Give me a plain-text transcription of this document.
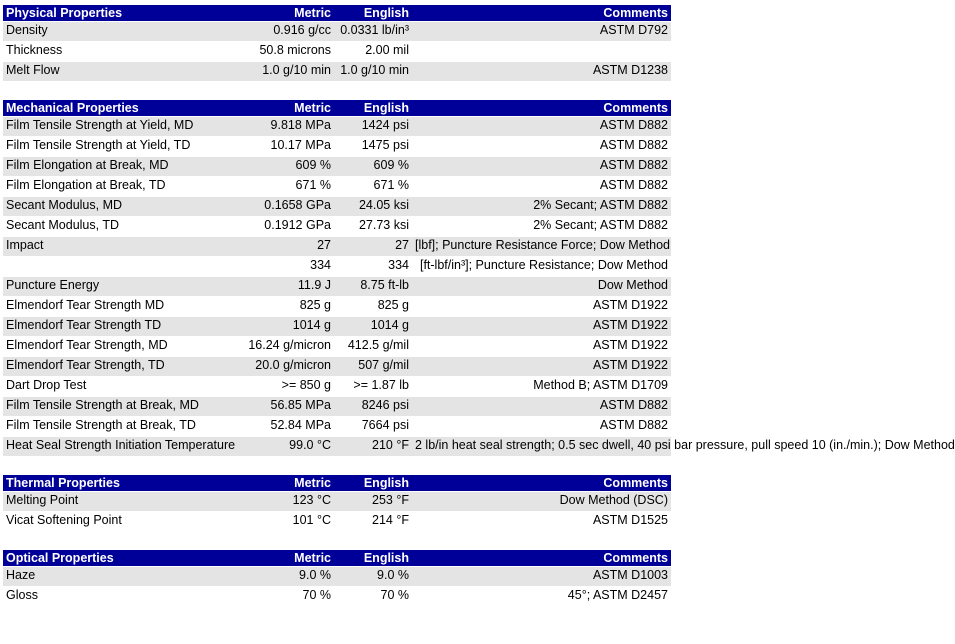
Physical Properties	Metric	English	Comments
Density	0.916 g/cc	0.0331 lb/in³	ASTM D792
Thickness	50.8 microns	2.00 mil	
Melt Flow	1.0 g/10 min	1.0 g/10 min	ASTM D1238
Mechanical Properties	Metric	English	Comments
Film Tensile Strength at Yield, MD	9.818 MPa	1424 psi	ASTM D882
Film Tensile Strength at Yield, TD	10.17 MPa	1475 psi	ASTM D882
Film Elongation at Break, MD	609 %	609 %	ASTM D882
Film Elongation at Break, TD	671 %	671 %	ASTM D882
Secant Modulus, MD	0.1658 GPa	24.05 ksi	2% Secant; ASTM D882
Secant Modulus, TD	0.1912 GPa	27.73 ksi	2% Secant; ASTM D882
Impact	27	27	[lbf]; Puncture Resistance Force; Dow Method
	334	334	[ft-lbf/in³]; Puncture Resistance; Dow Method
Puncture Energy	11.9 J	8.75 ft-lb	Dow Method
Elmendorf Tear Strength MD	825 g	825 g	ASTM D1922
Elmendorf Tear Strength TD	1014 g	1014 g	ASTM D1922
Elmendorf Tear Strength, MD	16.24 g/micron	412.5 g/mil	ASTM D1922
Elmendorf Tear Strength, TD	20.0 g/micron	507 g/mil	ASTM D1922
Dart Drop Test	>= 850 g	>= 1.87 lb	Method B; ASTM D1709
Film Tensile Strength at Break, MD	56.85 MPa	8246 psi	ASTM D882
Film Tensile Strength at Break, TD	52.84 MPa	7664 psi	ASTM D882
Heat Seal Strength Initiation Temperature	99.0 °C	210 °F	2 lb/in heat seal strength; 0.5 sec dwell, 40 psi bar pressure, pull speed 10 (in./min.); Dow Method
Thermal Properties	Metric	English	Comments
Melting Point	123 °C	253 °F	Dow Method (DSC)
Vicat Softening Point	101 °C	214 °F	ASTM D1525
Optical Properties	Metric	English	Comments
Haze	9.0 %	9.0 %	ASTM D1003
Gloss	70 %	70 %	45°; ASTM D2457
